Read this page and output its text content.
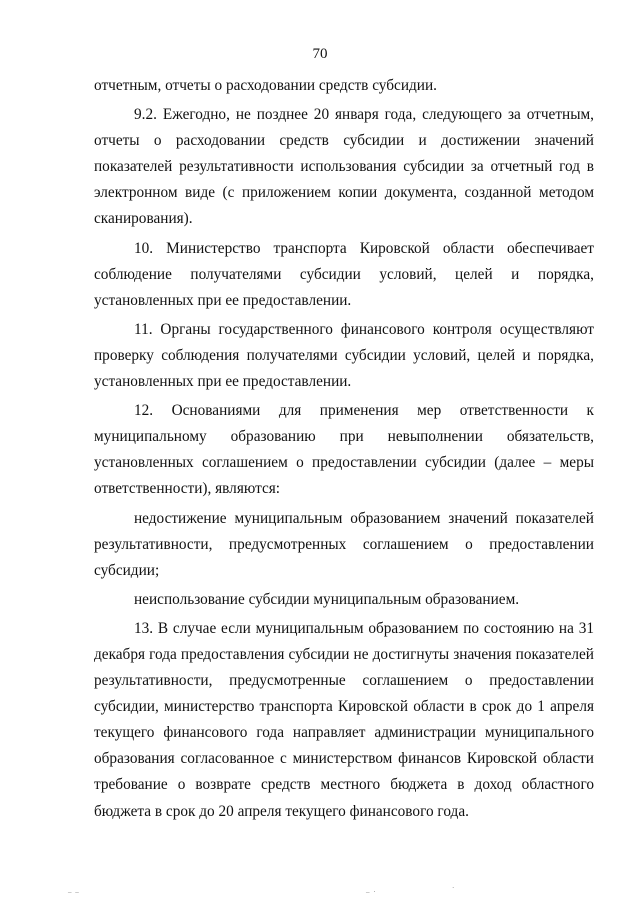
70

отчетным, отчеты о расходовании средств субсидии.

9.2. Ежегодно, не позднее 20 января года, следующего за отчетным, отчеты о расходовании средств субсидии и достижении значений показателей результативности использования субсидии за отчетный год в электронном виде (с приложением копии документа, созданной методом сканирования).

10. Министерство транспорта Кировской области обеспечивает соблюдение получателями субсидии условий, целей и порядка, установленных при ее предоставлении.

11. Органы государственного финансового контроля осуществляют проверку соблюдения получателями субсидии условий, целей и порядка, установленных при ее предоставлении.

12. Основаниями для применения мер ответственности к муниципальному образованию при невыполнении обязательств, установленных соглашением о предоставлении субсидии (далее – меры ответственности), являются:

недостижение муниципальным образованием значений показателей результативности, предусмотренных соглашением о предоставлении субсидии;

неиспользование субсидии муниципальным образованием.

13. В случае если муниципальным образованием по состоянию на 31 декабря года предоставления субсидии не достигнуты значения показателей результативности, предусмотренные соглашением о предоставлении субсидии, министерство транспорта Кировской области в срок до 1 апреля текущего финансового года направляет администрации муниципального образования согласованное с министерством финансов Кировской области требование о возврате средств местного бюджета в доход областного бюджета в срок до 20 апреля текущего финансового года.

‒ ‒	‒ ·	·
